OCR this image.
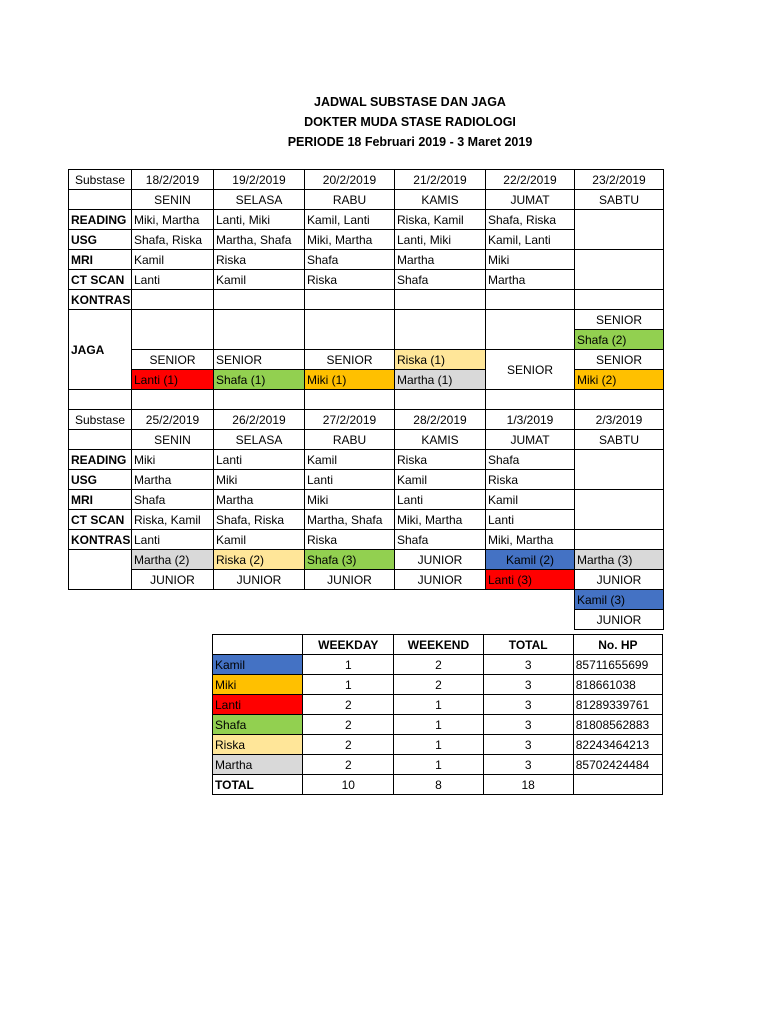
JADWAL SUBSTASE DAN JAGA
DOKTER MUDA STASE RADIOLOGI
PERIODE 18 Februari 2019 - 3 Maret 2019
Substase	18/2/2019	19/2/2019	20/2/2019	21/2/2019	22/2/2019	23/2/2019
	SENIN	SELASA	RABU	KAMIS	JUMAT	SABTU
READING	Miki, Martha	Lanti, Miki	Kamil, Lanti	Riska, Kamil	Shafa, Riska	
USG	Shafa, Riska	Martha, Shafa	Miki, Martha	Lanti, Miki	Kamil, Lanti	
MRI	Kamil	Riska	Shafa	Martha	Miki	
CT SCAN	Lanti	Kamil	Riska	Shafa	Martha	
KONTRAS						
JAGA						SENIOR
						Shafa (2)
	SENIOR	SENIOR	SENIOR	Riska (1)	SENIOR	SENIOR
	Lanti (1)	Shafa (1)	Miki (1)	Martha (1)		Miki (2)

Substase	25/2/2019	26/2/2019	27/2/2019	28/2/2019	1/3/2019	2/3/2019
	SENIN	SELASA	RABU	KAMIS	JUMAT	SABTU
READING	Miki	Lanti	Kamil	Riska	Shafa	
USG	Martha	Miki	Lanti	Kamil	Riska	
MRI	Shafa	Martha	Miki	Lanti	Kamil	
CT SCAN	Riska, Kamil	Shafa, Riska	Martha, Shafa	Miki, Martha	Lanti	
KONTRAS	Lanti	Kamil	Riska	Shafa	Miki, Martha	
	Martha (2)	Riska (2)	Shafa (3)	JUNIOR	Kamil (2)	Martha (3)
	JUNIOR	JUNIOR	JUNIOR	JUNIOR	Lanti (3)	JUNIOR
						Kamil (3)
						JUNIOR
	WEEKDAY	WEEKEND	TOTAL	No. HP
Kamil	1	2	3	85711655699
Miki	1	2	3	818661038
Lanti	2	1	3	81289339761
Shafa	2	1	3	81808562883
Riska	2	1	3	82243464213
Martha	2	1	3	85702424484
TOTAL	10	8	18	
